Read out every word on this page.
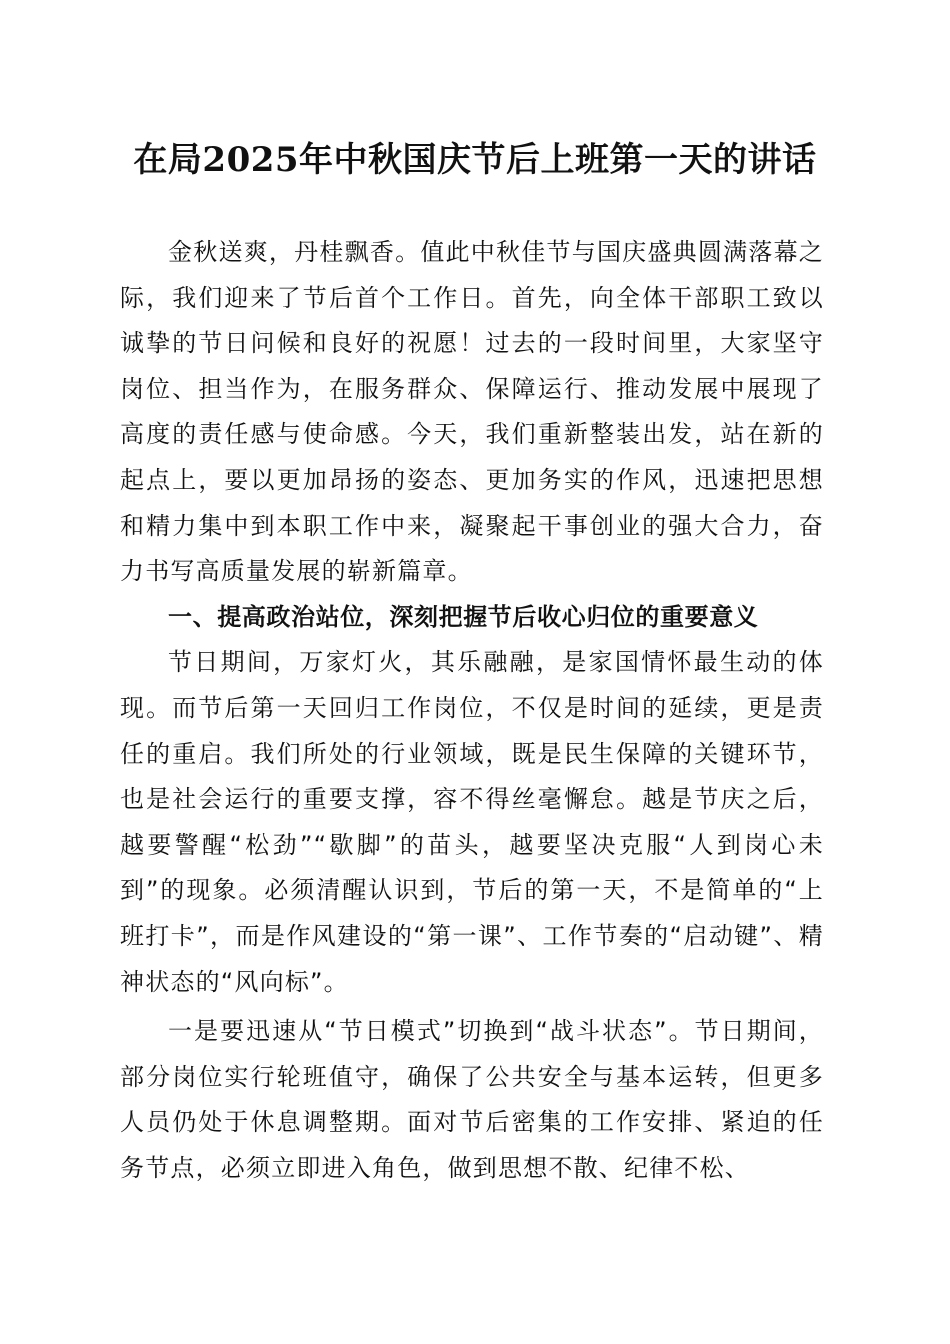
在局2025年中秋国庆节后上班第一天的讲话

金秋送爽，丹桂飘香。值此中秋佳节与国庆盛典圆满落幕之际，我们迎来了节后首个工作日。首先，向全体干部职工致以诚挚的节日问候和良好的祝愿！过去的一段时间里，大家坚守岗位、担当作为，在服务群众、保障运行、推动发展中展现了高度的责任感与使命感。今天，我们重新整装出发，站在新的起点上，要以更加昂扬的姿态、更加务实的作风，迅速把思想和精力集中到本职工作中来，凝聚起干事创业的强大合力，奋力书写高质量发展的崭新篇章。

一、提高政治站位，深刻把握节后收心归位的重要意义

节日期间，万家灯火，其乐融融，是家国情怀最生动的体现。而节后第一天回归工作岗位，不仅是时间的延续，更是责任的重启。我们所处的行业领域，既是民生保障的关键环节，也是社会运行的重要支撑，容不得丝毫懈怠。越是节庆之后，越要警醒“松劲”“歇脚”的苗头，越要坚决克服“人到岗心未到”的现象。必须清醒认识到，节后的第一天，不是简单的“上班打卡”，而是作风建设的“第一课”、工作节奏的“启动键”、精神状态的“风向标”。

一是要迅速从“节日模式”切换到“战斗状态”。节日期间，部分岗位实行轮班值守，确保了公共安全与基本运转，但更多人员仍处于休息调整期。面对节后密集的工作安排、紧迫的任务节点，必须立即进入角色，做到思想不散、纪律不松、
